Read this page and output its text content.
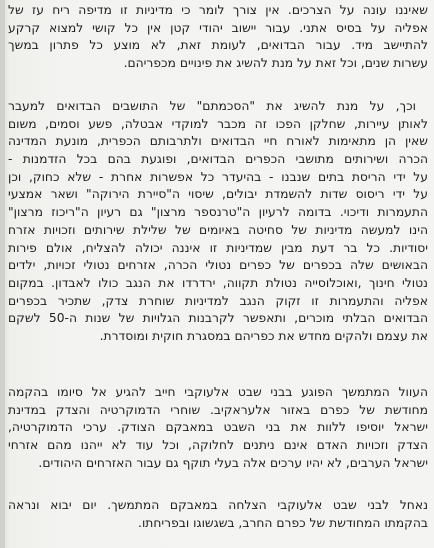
שאיננו עונה על הצרכים. אין צורך לומר כי מדיניות זו מדיפה ריח עז של
אפליה על בסיס אתני. עבור יישוב יהודי קטן אין כל קושי למצוא קרקע
להתיישב מיד. עבור הבדואים, לעומת זאת, לא מוצע כל פתרון במשך
עשרות שנים, וכל זאת על מנת להשיג את פינויים מכפריהם.
וכך, על מנת להשיג את "הסכמתם" של התושבים הבדואים למעבר
לאותן עיירות, שחלקן הפכו זה מכבר למוקדי אבטלה, פשע וסמים, משום
שאין הן מתאימות לאורח חיי הבדואים ולתרבותם הכפרית, מונעת המדינה
הכרה ושירותים מתושבי הכפרים הבדואים, ופוגעת בהם בכל הזדמנות -
על ידי הריסת בתים שנבנו - בהיעדר כל אפשרות אחרת - שלא כחוק, וכן
על ידי ריסוס שדות להשמדת יבולים, שיסוי ה"סיירת הירוקה" ושאר אמצעי
התעמרות ודיכוי. בדומה לרעיון ה"טרנספר מרצון" גם רעיון ה"ריכוז מרצון"
הינו למעשה מדיניות של סחיטה באיומים של שלילת שירותים וזכויות אזרח
יסודיות. כל בר דעת מבין שמדיניות זו איננה יכולה להצליח, אולם פירות
הבאושים שלה בכפרים של כפרים נטולי הכרה, אזרחים נטולי זכויות, ילדים
נטולי חינוך ,ואוכלוסייה נטולת תקווה, ירדרדו את הנגב כולו לאבדון. במקום
אפליה והתעמרות זו זקוק הנגב למדיניות שוחרת צדק, שתכיר בכפרים
הבדואים הבלתי מוכרים, ותאפשר לקרבנות הגלויות של שנות ה-50 לשקם
את עצמם ולהקים מחדש את כפריהם במסגרת חוקית ומוסדרת.
העוול המתמשך הפוגע בבני שבט אלעוקבי חייב להגיע אל סיומו בהקמה
מחודשת של כפרם באזור אלעראקיב. שוחרי הדמוקרטיה והצדק במדינת
ישראל יוסיפו ללוות את בני השבט במאבקם הצודק. ערכי הדמוקרטיה,
הצדק וזכויות האדם אינם ניתנים לחלוקה, וכל עוד לא ייהנו מהם אזרחי
ישראל הערבים, לא יהיו ערכים אלה בעלי תוקף גם עבור האזרחים היהודים.
נאחל לבני שבט אלעוקבי הצלחה במאבקם המתמשך. יום יבוא ונראה
בהקמתו המחודשת של כפרם החרב, בשגשוגו ובפריחתו.
